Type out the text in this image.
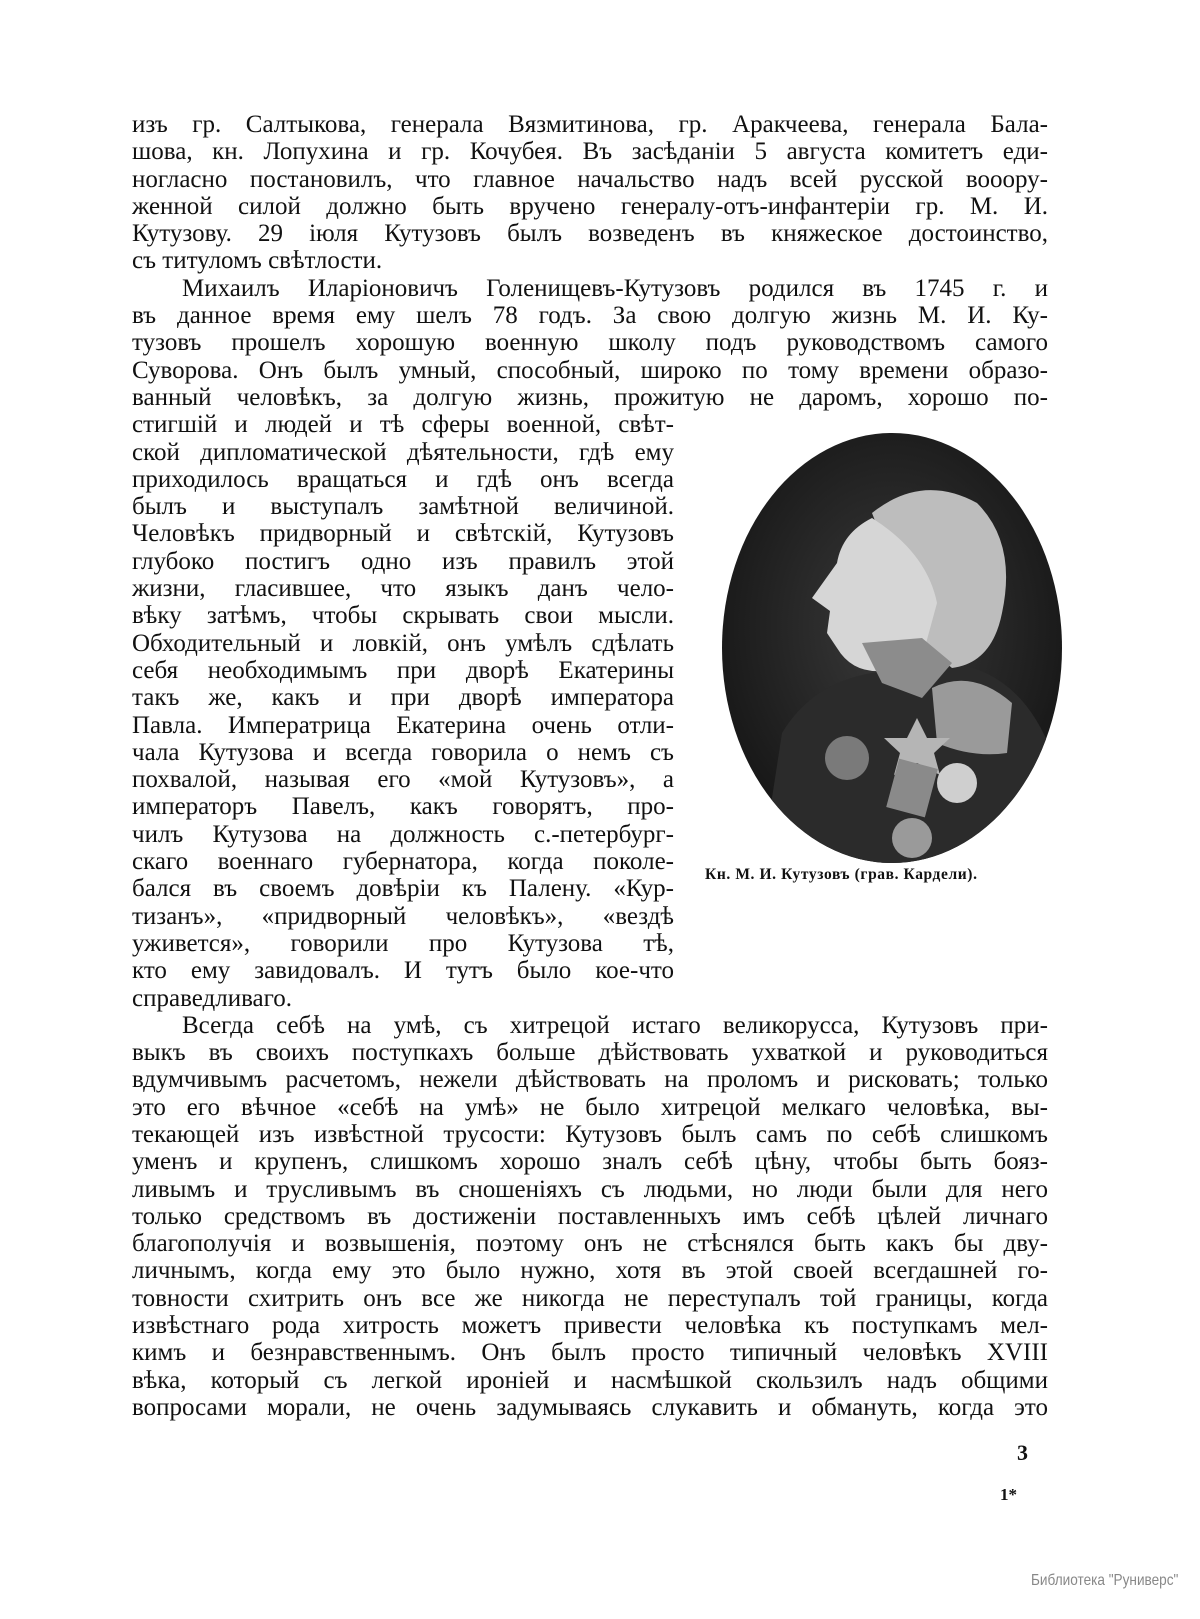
изъ гр. Салтыкова, генерала Вязмитинова, гр. Аракчеева, генерала Бала-
шова, кн. Лопухина и гр. Кочубея. Въ засѣданіи 5 августа комитетъ еди-
ногласно постановилъ, что главное начальство надъ всей русской вооору-
женной силой должно быть вручено генералу-отъ-инфантеріи гр. М. И.
Кутузову. 29 іюля Кутузовъ былъ возведенъ въ княжеское достоинство,
съ титуломъ свѣтлости.
Михаилъ Иларіоновичъ Голенищевъ-Кутузовъ родился въ 1745 г. и
въ данное время ему шелъ 78 годъ. За свою долгую жизнь М. И. Ку-
тузовъ прошелъ хорошую военную школу подъ руководствомъ самого
Суворова. Онъ былъ умный, способный, широко по тому времени образо-
ванный человѣкъ, за долгую жизнь, прожитую не даромъ, хорошо по-
стигшій и людей и тѣ сферы военной, свѣт-
ской дипломатической дѣятельности, гдѣ ему
приходилось вращаться и гдѣ онъ всегда
былъ и выступалъ замѣтной величиной.
Человѣкъ придворный и свѣтскій, Кутузовъ
глубоко постигъ одно изъ правилъ этой
жизни, гласившее, что языкъ данъ чело-
вѣку затѣмъ, чтобы скрывать свои мысли.
Обходительный и ловкій, онъ умѣлъ сдѣлать
себя необходимымъ при дворѣ Екатерины
такъ же, какъ и при дворѣ императора
Павла. Императрица Екатерина очень отли-
чала Кутузова и всегда говорила о немъ съ
похвалой, называя его «мой Кутузовъ», а
императоръ Павелъ, какъ говорятъ, про-
чилъ Кутузова на должность с.-петербург-
скаго военнаго губернатора, когда поколе-
бался въ своемъ довѣріи къ Палену. «Кур-
тизанъ», «придворный человѣкъ», «вездѣ
уживется», говорили про Кутузова тѣ,
кто ему завидовалъ. И тутъ было кое-что
справедливаго.
Всегда себѣ на умѣ, съ хитрецой истаго великорусса, Кутузовъ при-
выкъ въ своихъ поступкахъ больше дѣйствовать ухваткой и руководиться
вдумчивымъ расчетомъ, нежели дѣйствовать на проломъ и рисковать; только
это его вѣчное «себѣ на умѣ» не было хитрецой мелкаго человѣка, вы-
текающей изъ извѣстной трусости: Кутузовъ былъ самъ по себѣ слишкомъ
уменъ и крупенъ, слишкомъ хорошо зналъ себѣ цѣну, чтобы быть бояз-
ливымъ и трусливымъ въ сношеніяхъ съ людьми, но люди были для него
только средствомъ въ достиженіи поставленныхъ имъ себѣ цѣлей личнаго
благополучія и возвышенія, поэтому онъ не стѣснялся быть какъ бы дву-
личнымъ, когда ему это было нужно, хотя въ этой своей всегдашней го-
товности схитрить онъ все же никогда не переступалъ той границы, когда
извѣстнаго рода хитрость можетъ привести человѣка къ поступкамъ мел-
кимъ и безнравственнымъ. Онъ былъ просто типичный человѣкъ XVIII
вѣка, который съ легкой ироніей и насмѣшкой скользилъ надъ общими
вопросами морали, не очень задумываясь слукавить и обмануть, когда это
Кн. М. И. Кутузовъ (грав. Кардели).
3
1*
Библиотека "Руниверс"
